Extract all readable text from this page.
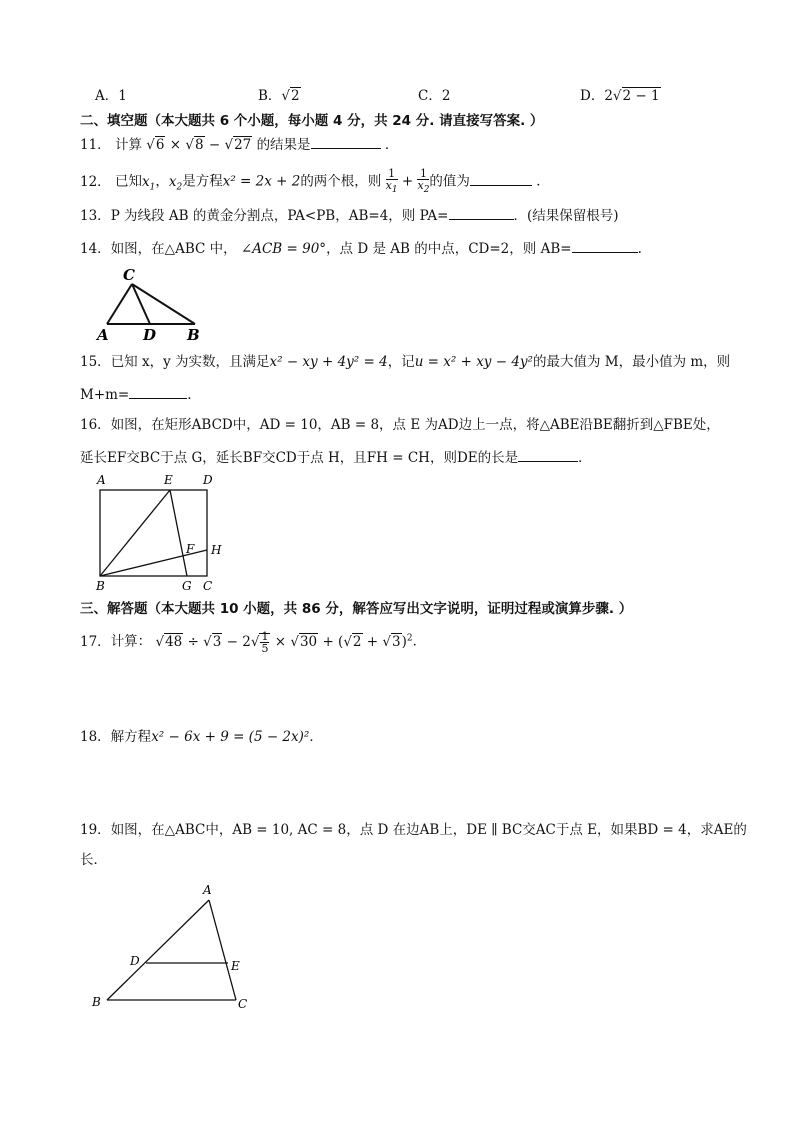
A．1	B．√2	C．2	D．2√2 − 1
二、填空题（本大题共 6 个小题，每小题 4 分，共 24 分. 请直接写答案. ）
11． 计算 √6 × √8 − √27 的结果是	．
12． 已知$x_1$，$x_2$是方程x² = 2x + 2的两个根，则 $\frac{1}{x_1} + \frac{1}{x_2}$ 的值为	．
13．P 为线段 AB 的黄金分割点，PA<PB，AB=4，则 PA=	．(结果保留根号)
14．如图，在△ABC 中， ∠ACB = 90°，点 D 是 AB 的中点，CD=2，则 AB=	.
C
A D B
15．已知 x，y 为实数，且满足x² − xy + 4y² = 4，记u = x² + xy − 4y²的最大值为 M，最小值为 m，则
M+m=	.
16．如图，在矩形ABCD中，AD = 10，AB = 8，点 E 为AD边上一点，将△ABE沿BE翻折到△FBE处，
延长EF交BC于点 G，延长BF交CD于点 H，且FH = CH，则DE的长是	．
A	E	D
F H
B	G C
三、解答题（本大题共 10 小题，共 86 分，解答应写出文字说明，证明过程或演算步骤. ）
17．计算： $√48 \div √3 - 2√ \frac{1}{5} \times √30 + (√2 + √3)^2$．
18．解方程x² − 6x + 9 = (5 − 2x)²．
19．如图，在△ABC中，AB = 10, AC = 8，点 D 在边AB上，DE ∥ BC交AC于点 E，如果BD = 4，求AE的
长．
A
D	E
B	C
